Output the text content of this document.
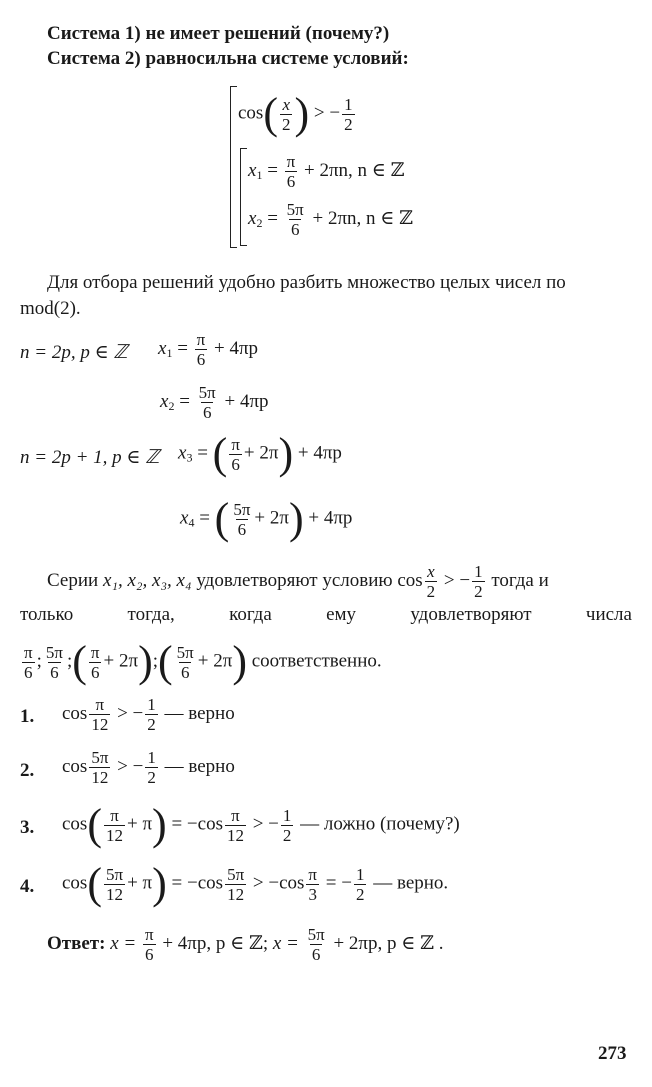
Система 1) не имеет решений (почему?)
Система 2) равносильна системе условий:
$\cos( \frac{x}{2}$ ) > − $\frac{1}{2}$
$x_1 = \frac{\pi}{6} + 2\pi n$, n ∈ ℤ
$x_2 = \frac{5\pi}{6} + 2\pi n$, n ∈ ℤ
Для отбора решений удобно разбить множество целых чисел по
mod(2).
n = 2p, p ∈ ℤ $x_1 = \frac{\pi}{6} + 4\pi p$
$x_2 = \frac{5\pi}{6} + 4\pi p$
n = 2p + 1, p ∈ ℤ $x_3$ = ( $\frac{\pi}{6} + 2\pi) + 4\pi p$
$x_4$ = ( $\frac{5\pi}{6} + 2\pi) + 4\pi p$
Серии x₁, x₂, x₃, x₄ удовлетворяют условию $\cos \frac{x}{2}$ > − $\frac{1}{2}$ тогда и
только	тогда,	когда	ему	удовлетворяют	числа
$\frac{\pi}{6}$ ; $\frac{5\pi}{6}$ ;( $\frac{\pi}{6}$ + 2π);( $\frac{5\pi}{6} + 2\pi$) соответственно.
1. $\cos \frac{\pi}{12}$ > − $\frac{1}{2}$ — верно
2. $\cos \frac{5\pi}{12}$ > − $\frac{1}{2}$ — верно
3. $\cos( \frac{\pi}{12} + \pi) = -\cos \frac{\pi}{12}$ > − $\frac{1}{2}$ — ложно (почему?)
4. $\cos( \frac{5\pi}{12} + \pi) = -\cos \frac{5\pi}{12} > -\cos \frac{\pi}{3}$ = − $\frac{1}{2}$ — верно.
Ответ: $x = \frac{\pi}{6} + 4\pi p$, p ∈ ℤ; $x = \frac{5\pi}{6} + 2\pi p$, p ∈ ℤ .
273
